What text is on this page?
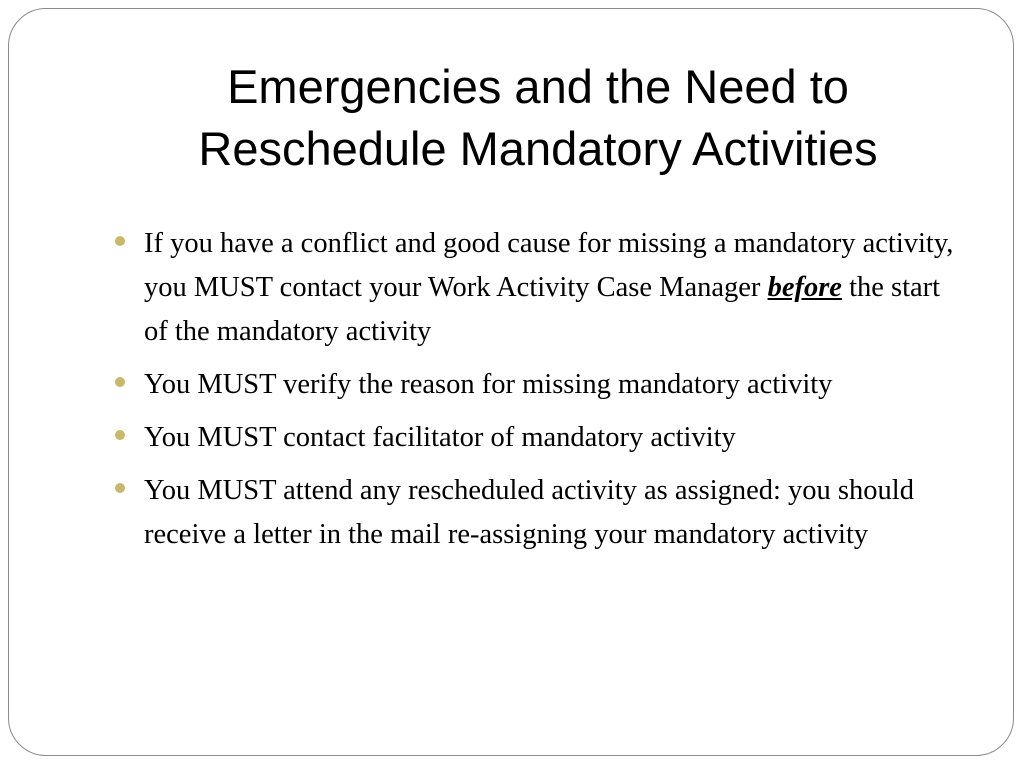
Emergencies and the Need to
Reschedule Mandatory Activities
If you have a conflict and good cause for missing a mandatory activity, you MUST contact your Work Activity Case Manager before the start of the mandatory activity
You MUST verify the reason for missing mandatory activity
You MUST contact facilitator of mandatory activity
You MUST attend any rescheduled activity as assigned: you should receive a letter in the mail re-assigning your mandatory activity
